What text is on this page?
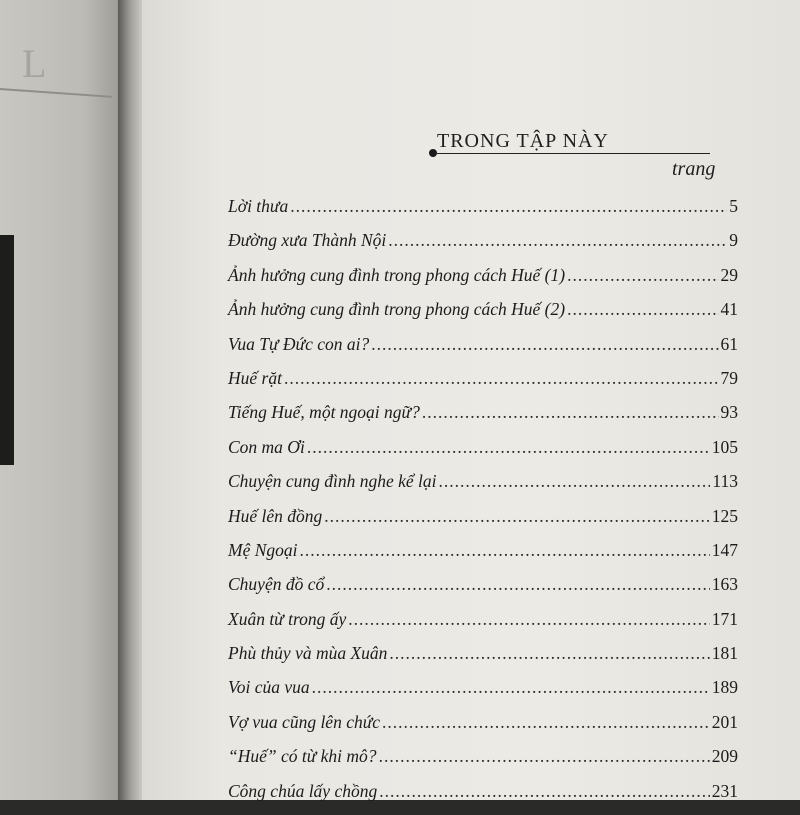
L
TRONG TẬP NÀY
trang
Lời thưa .....	5
Đường xưa Thành Nội .....	9
Ảnh hưởng cung đình trong phong cách Huế (1) .....	29
Ảnh hưởng cung đình trong phong cách Huế (2) .....	41
Vua Tự Đức con ai? .....	61
Huế rặt .....	79
Tiếng Huế, một ngoại ngữ? .....	93
Con ma Ơi .....	105
Chuyện cung đình nghe kể lại .....	113
Huế lên đồng .....	125
Mệ Ngoại .....	147
Chuyện đồ cổ .....	163
Xuân từ trong ấy .....	171
Phù thủy và mùa Xuân .....	181
Voi của vua .....	189
Vợ vua cũng lên chức .....	201
“Huế” có từ khi mô? .....	209
Công chúa lấy chồng .....	231
